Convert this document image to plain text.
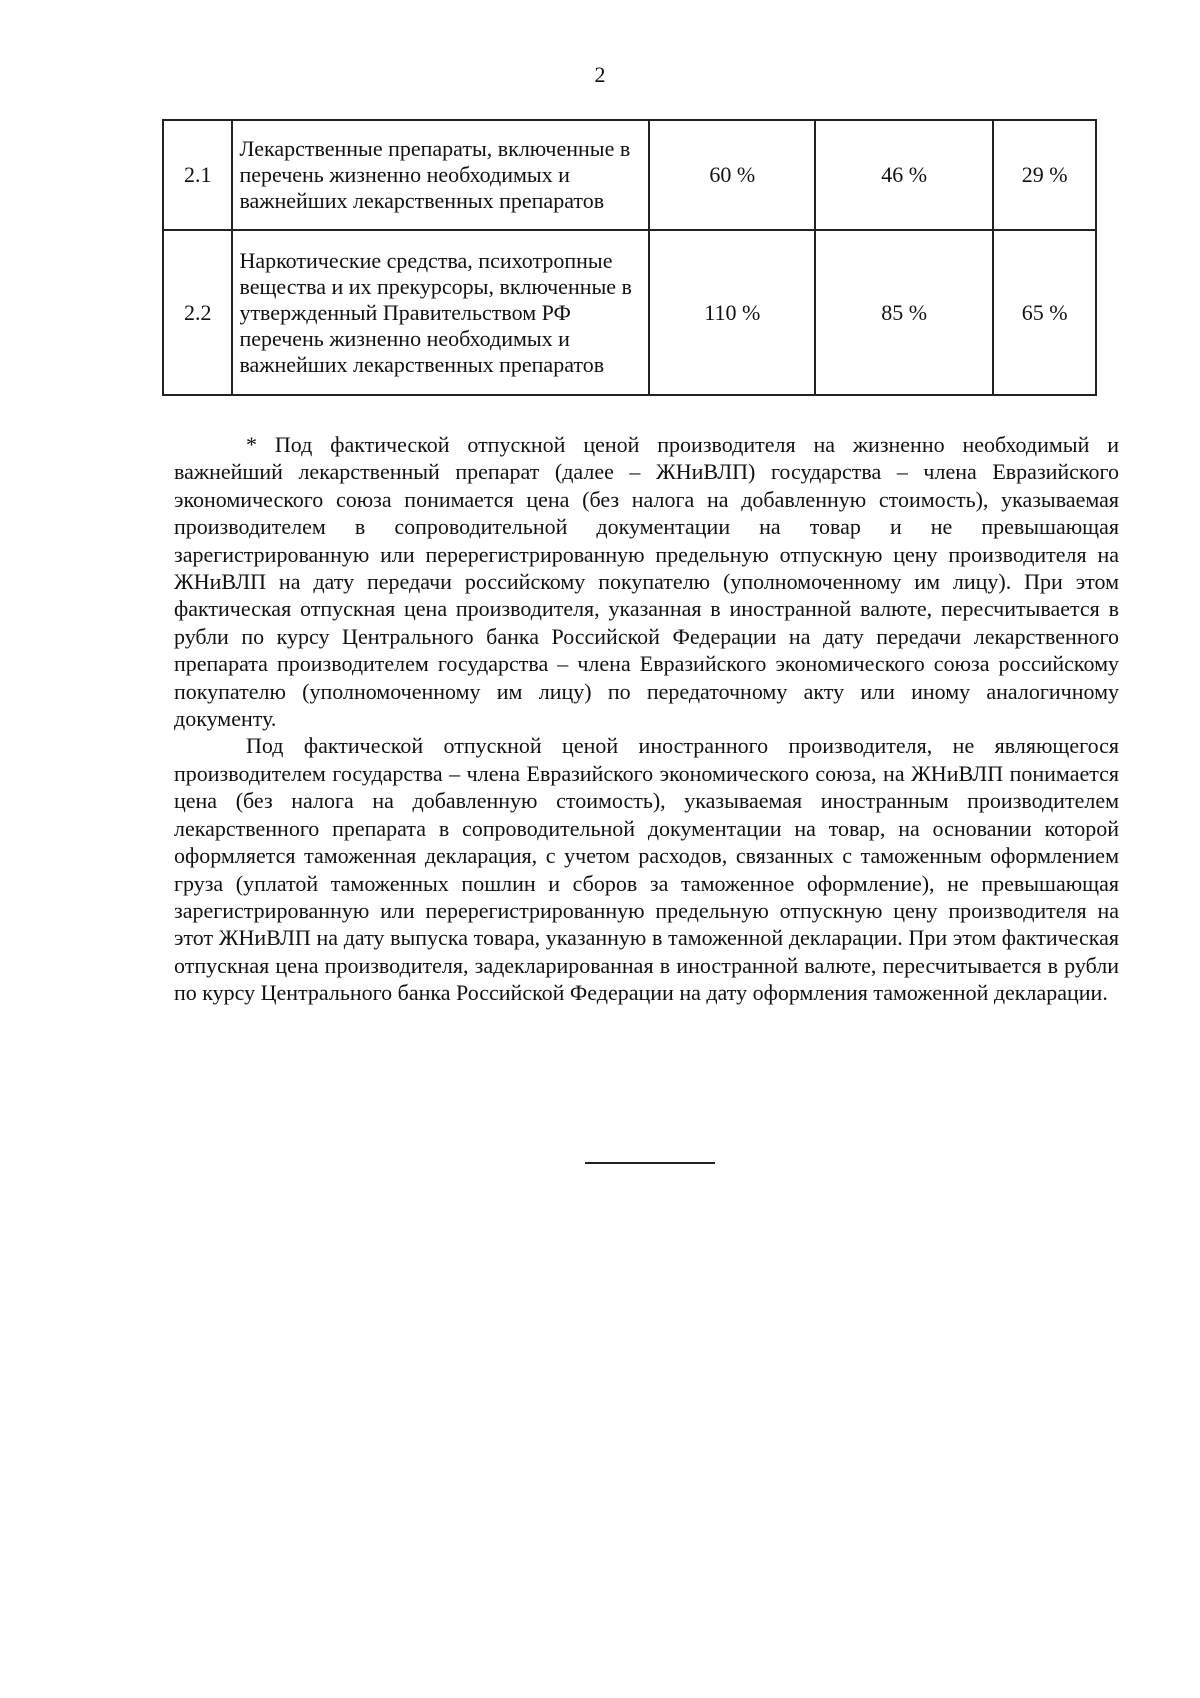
2
2.1	Лекарственные препараты, включенные в перечень жизненно необходимых и важнейших лекарственных препаратов	60 %	46 %	29 %
2.2	Наркотические средства, психотропные вещества и их прекурсоры, включенные в утвержденный Правительством РФ перечень жизненно необходимых и важнейших лекарственных препаратов	110 %	85 %	65 %

* Под фактической отпускной ценой производителя на жизненно необходимый и важнейший лекарственный препарат (далее – ЖНиВЛП) государства – члена Евразийского экономического союза понимается цена (без налога на добавленную стоимость), указываемая производителем в сопроводительной документации на товар и не превышающая зарегистрированную или перерегистрированную предельную отпускную цену производителя на ЖНиВЛП на дату передачи российскому покупателю (уполномоченному им лицу). При этом фактическая отпускная цена производителя, указанная в иностранной валюте, пересчитывается в рубли по курсу Центрального банка Российской Федерации на дату передачи лекарственного препарата производителем государства – члена Евразийского экономического союза российскому покупателю (уполномоченному им лицу) по передаточному акту или иному аналогичному документу.

Под фактической отпускной ценой иностранного производителя, не являющегося производителем государства – члена Евразийского экономического союза, на ЖНиВЛП понимается цена (без налога на добавленную стоимость), указываемая иностранным производителем лекарственного препарата в сопроводительной документации на товар, на основании которой оформляется таможенная декларация, с учетом расходов, связанных с таможенным оформлением груза (уплатой таможенных пошлин и сборов за таможенное оформление), не превышающая зарегистрированную или перерегистрированную предельную отпускную цену производителя на этот ЖНиВЛП на дату выпуска товара, указанную в таможенной декларации. При этом фактическая отпускная цена производителя, задекларированная в иностранной валюте, пересчитывается в рубли по курсу Центрального банка Российской Федерации на дату оформления таможенной декларации.
